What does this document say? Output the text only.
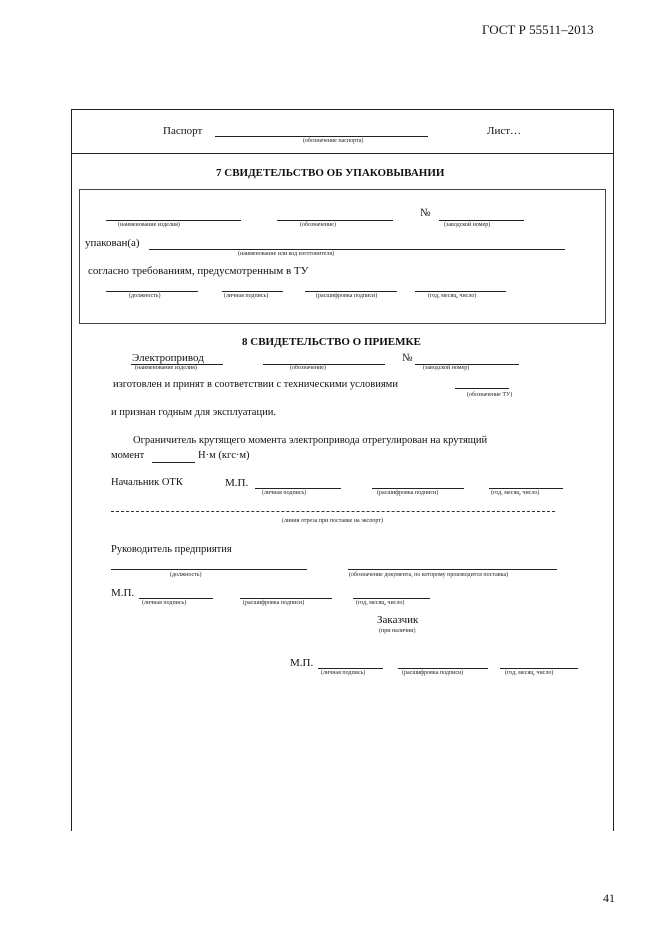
ГОСТ Р 55511–2013
41
Паспорт
(обозначение паспорта)
Лист…
7 СВИДЕТЕЛЬСТВО ОБ УПАКОВЫВАНИИ
(наименование изделия)	(обозначение)
№
(заводской номер)
упакован(а)
(наименование или код изготовителя)
согласно требованиям, предусмотренным в ТУ
(должность)	(личная подпись)	(расшифровка подписи)	(год, месяц, число)
8 СВИДЕТЕЛЬСТВО О ПРИЕМКЕ
Электропривод
(наименование изделия)	(обозначение)
№
(заводской номер)
изготовлен и принят в соответствии с техническими условиями
(обозначение ТУ)
и признан годным для эксплуатации.
Ограничитель крутящего момента электропривода отрегулирован на крутящий
момент	Н·м (кгс·м)
Начальник ОТК	М.П.
(личная подпись)	(расшифровка подписи)	(год, месяц, число)
(линия отреза при поставке на экспорт)
Руководитель предприятия
(должность)	(обозначение документа, по которому производится поставка)
М.П.
(личная подпись)	(расшифровка подписи)	(год, месяц, число)
Заказчик
(при наличии)
М.П.
(личная подпись)	(расшифровка подписи)	(год, месяц, число)
